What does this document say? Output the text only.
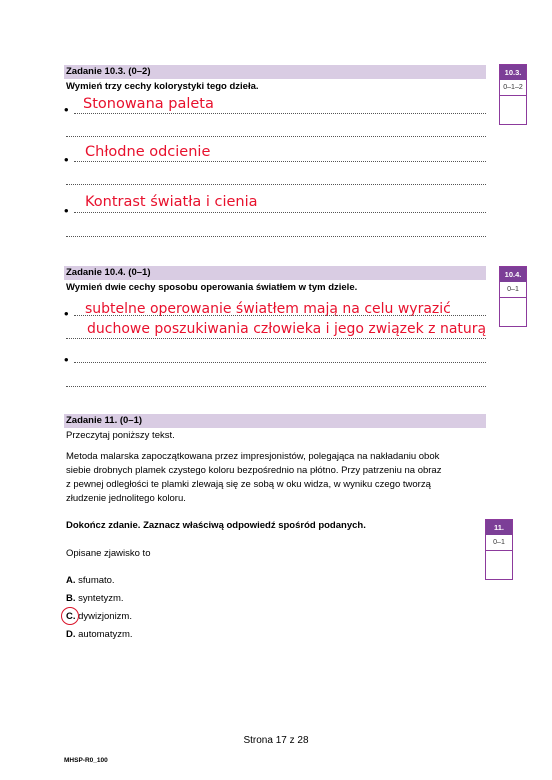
Zadanie 10.3. (0–2)
Wymień trzy cechy kolorystyki tego dzieła.
• Stonowana paleta
• Chłodne odcienie
•
Kontrast światła i cienia
10.3.
0–1–2
Zadanie 10.4. (0–1)
Wymień dwie cechy sposobu operowania światłem w tym dziele.
• subtelne operowanie światłem mają na celu wyrazić
duchowe poszukiwania człowieka i jego związek z naturą
•
10.4.
0–1
Zadanie 11. (0–1)
Przeczytaj poniższy tekst.
Metoda malarska zapoczątkowana przez impresjonistów, polegająca na nakładaniu obok
siebie drobnych plamek czystego koloru bezpośrednio na płótno. Przy patrzeniu na obraz
z pewnej odległości te plamki zlewają się ze sobą w oku widza, w wyniku czego tworzą
złudzenie jednolitego koloru.
Dokończ zdanie. Zaznacz właściwą odpowiedź spośród podanych.
Opisane zjawisko to
A. sfumato.
B. syntetyzm.
C. dywizjonizm.
D. automatyzm.
11.
0–1
Strona 17 z 28
MHSP-R0_100
